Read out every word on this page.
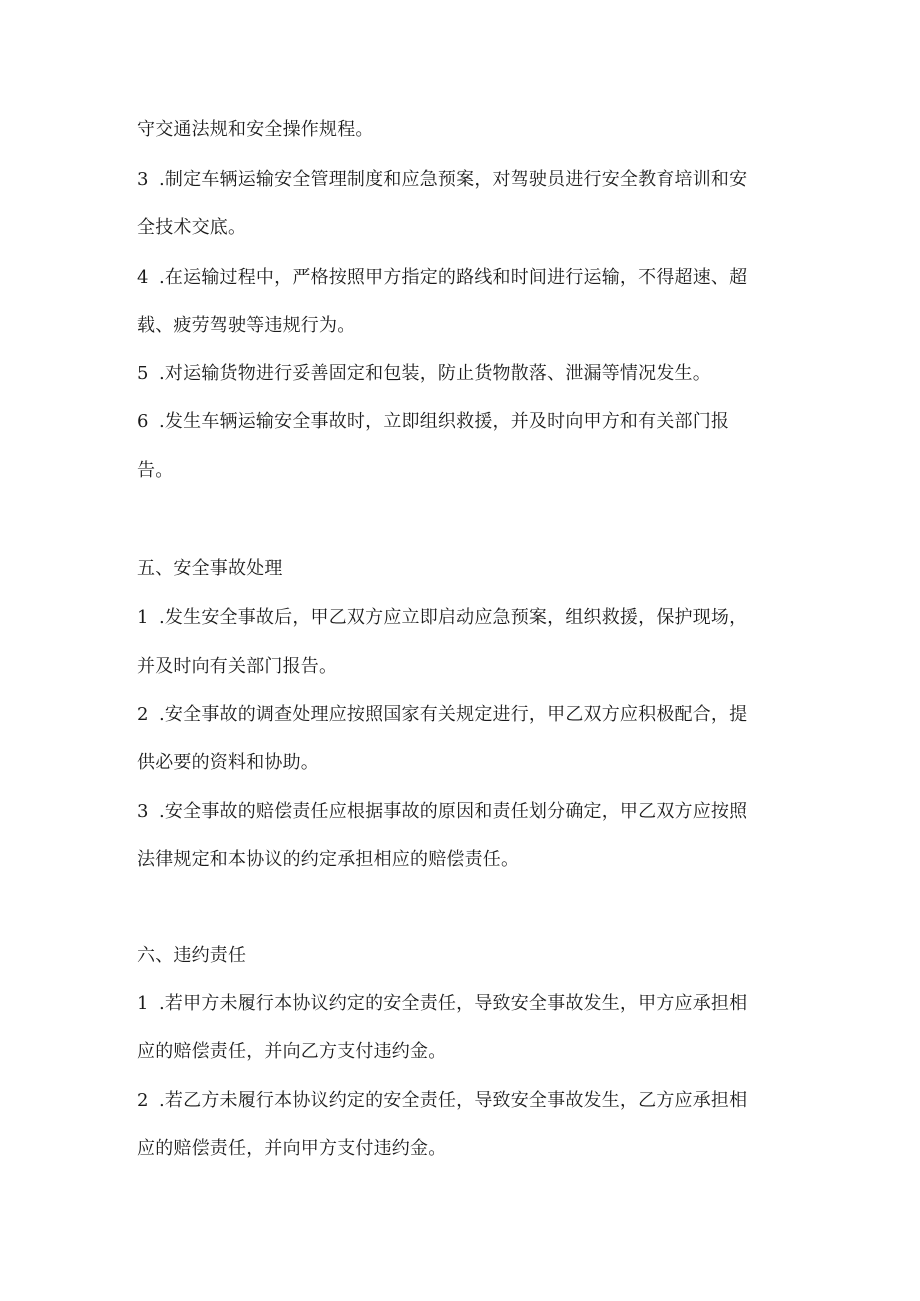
守交通法规和安全操作规程。
3 .制定车辆运输安全管理制度和应急预案，对驾驶员进行安全教育培训和安
全技术交底。
4 .在运输过程中，严格按照甲方指定的路线和时间进行运输，不得超速、超
载、疲劳驾驶等违规行为。
5 .对运输货物进行妥善固定和包装，防止货物散落、泄漏等情况发生。
6 .发生车辆运输安全事故时，立即组织救援，并及时向甲方和有关部门报
告。
五、安全事故处理
1 .发生安全事故后，甲乙双方应立即启动应急预案，组织救援，保护现场，
并及时向有关部门报告。
2 .安全事故的调查处理应按照国家有关规定进行，甲乙双方应积极配合，提
供必要的资料和协助。
3 .安全事故的赔偿责任应根据事故的原因和责任划分确定，甲乙双方应按照
法律规定和本协议的约定承担相应的赔偿责任。
六、违约责任
1 .若甲方未履行本协议约定的安全责任，导致安全事故发生，甲方应承担相
应的赔偿责任，并向乙方支付违约金。
2 .若乙方未履行本协议约定的安全责任，导致安全事故发生，乙方应承担相
应的赔偿责任，并向甲方支付违约金。
